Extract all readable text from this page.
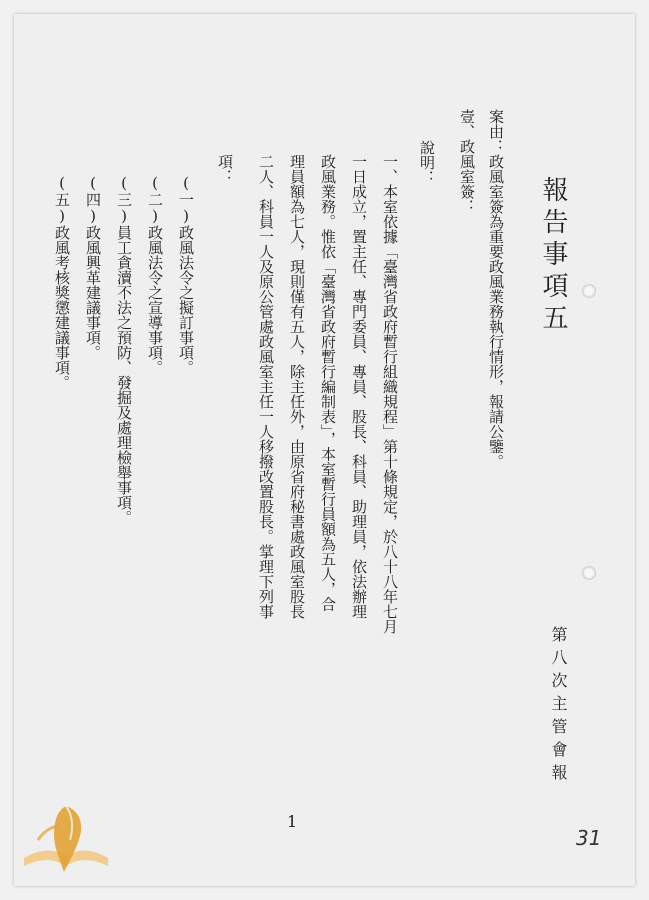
報告事項五
案由：政風室簽為重要政風業務執行情形，報請公鑒。
壹、政風室簽：
說明：
一、本室依據「臺灣省政府暫行組織規程」第十條規定，於八十八年七月
一日成立，置主任、專門委員、專員、股長、科員、助理員，依法辦理
政風業務。惟依「臺灣省政府暫行編制表」，本室暫行員額為五人，合
理員額為七人，現則僅有五人，除主任外，由原省府秘書處政風室股長
二人、科員一人及原公管處政風室主任一人移撥改置股長。掌理下列事
項：
(一)政風法令之擬訂事項。
(二)政風法令之宣導事項。
(三)員工貪瀆不法之預防、發掘及處理檢舉事項。
(四)政風興革建議事項。
(五)政風考核獎懲建議事項。
第八次主管會報
1
31
